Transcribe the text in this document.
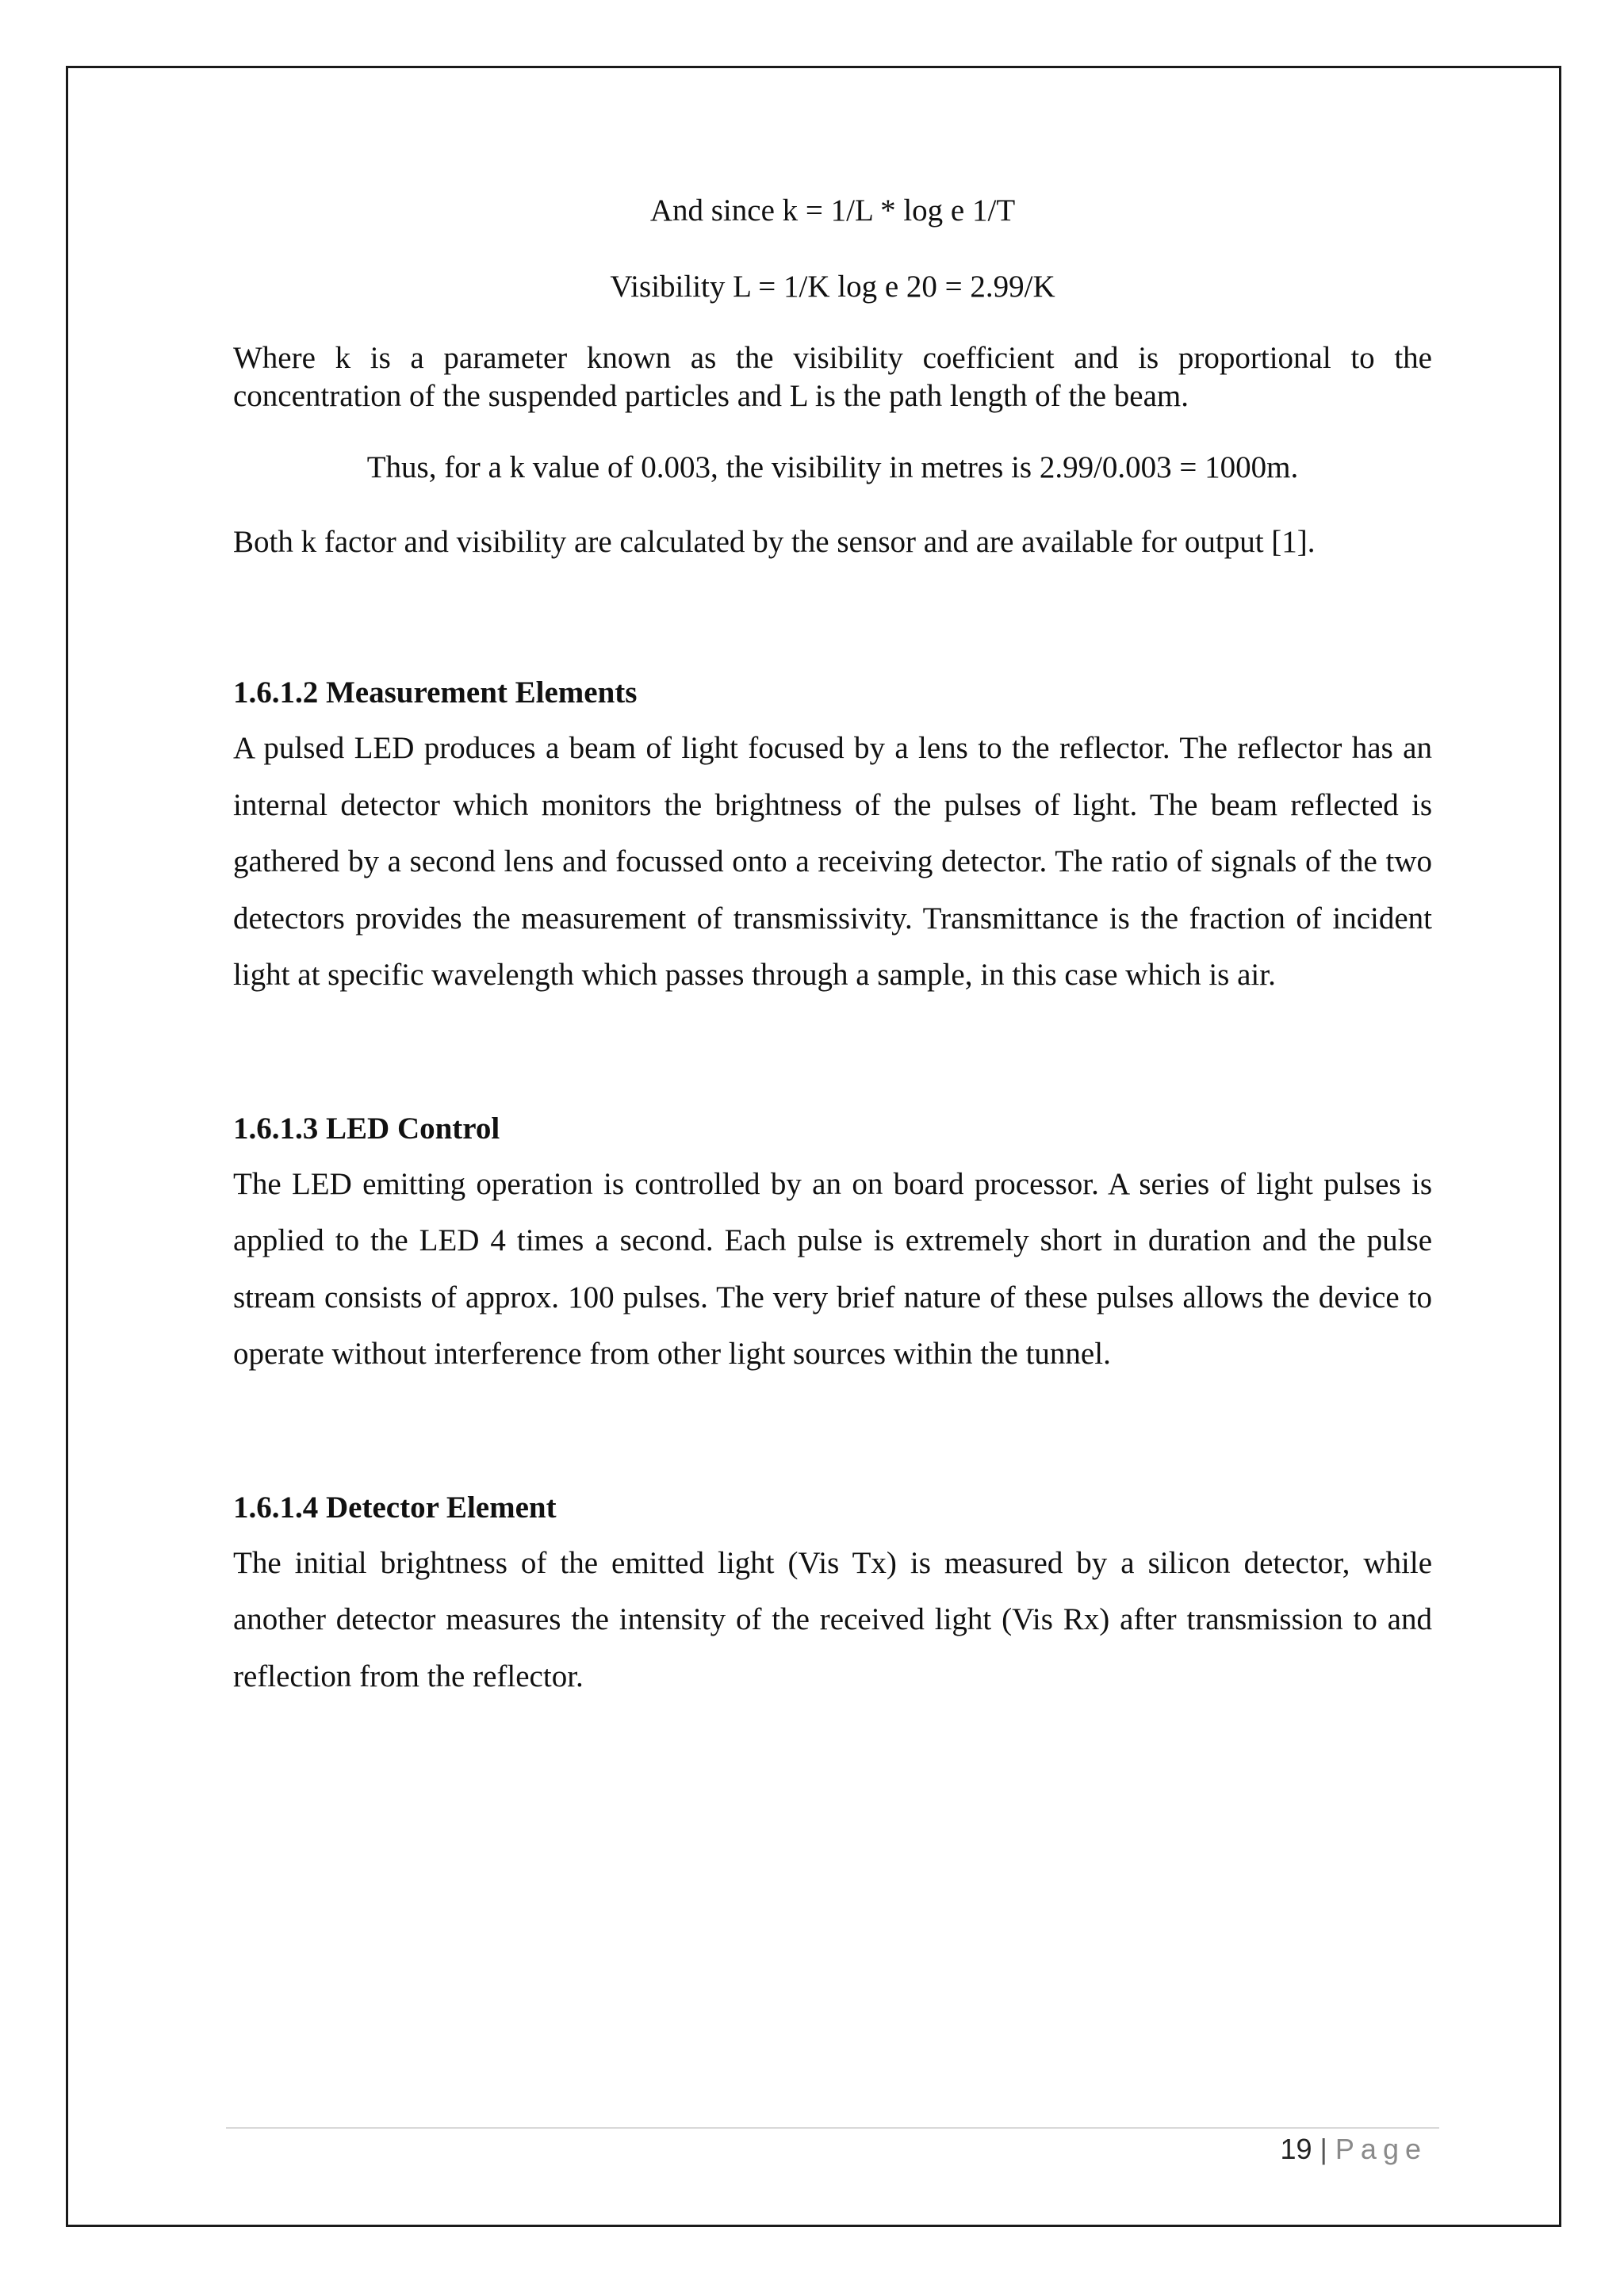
And since k = 1/L * log e 1/T

Visibility L = 1/K log e 20 = 2.99/K

Where k is a parameter known as the visibility coefficient and is proportional to the concentration of the suspended particles and L is the path length of the beam.

Thus, for a k value of 0.003, the visibility in metres is 2.99/0.003 = 1000m.

Both k factor and visibility are calculated by the sensor and are available for output [1].

1.6.1.2 Measurement Elements

A pulsed LED produces a beam of light focused by a lens to the reflector. The reflector has an internal detector which monitors the brightness of the pulses of light. The beam reflected is gathered by a second lens and focussed onto a receiving detector. The ratio of signals of the two detectors provides the measurement of transmissivity. Transmittance is the fraction of incident light at specific wavelength which passes through a sample, in this case which is air.

1.6.1.3 LED Control

The LED emitting operation is controlled by an on board processor. A series of light pulses is applied to the LED 4 times a second. Each pulse is extremely short in duration and the pulse stream consists of approx. 100 pulses. The very brief nature of these pulses allows the device to operate without interference from other light sources within the tunnel.

1.6.1.4 Detector Element

The initial brightness of the emitted light (Vis Tx) is measured by a silicon detector, while another detector measures the intensity of the received light (Vis Rx) after transmission to and reflection from the reflector.

19 | Page
